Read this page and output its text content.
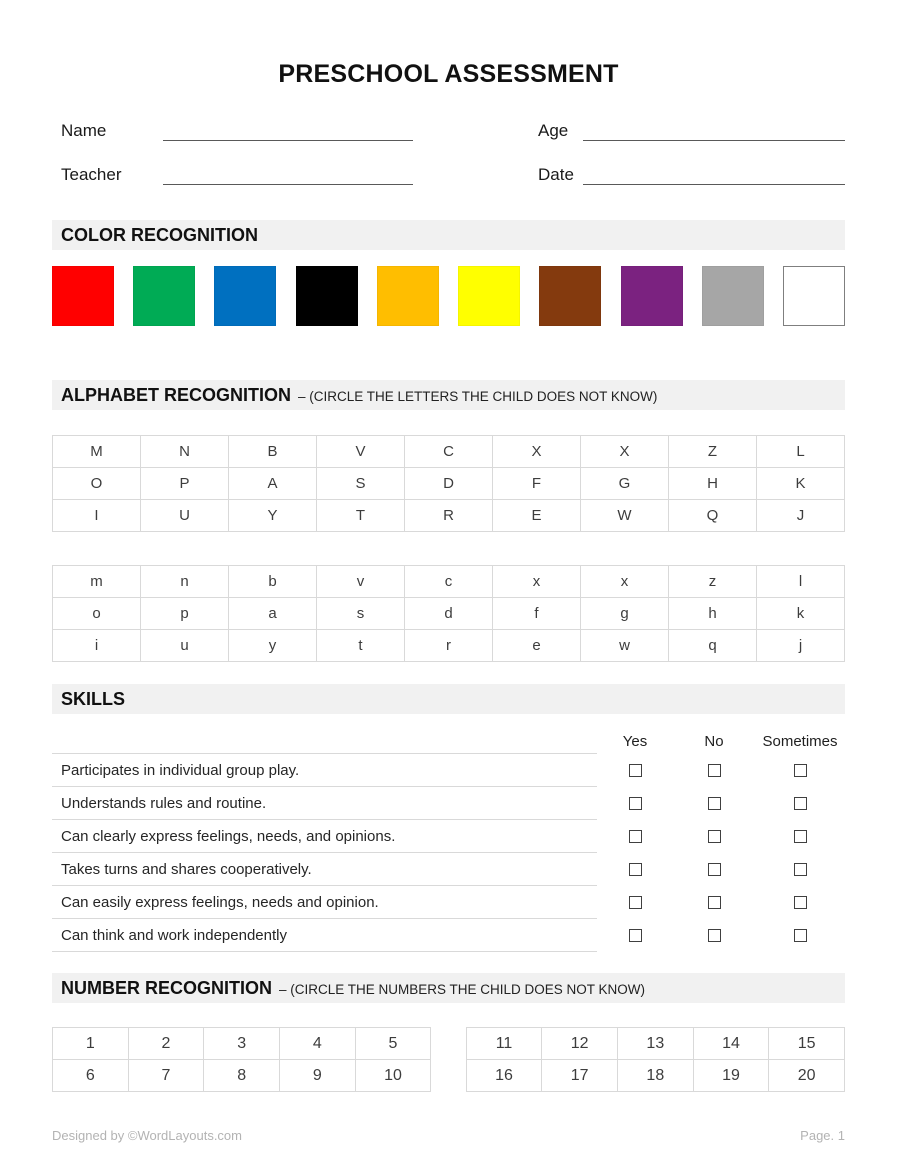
PRESCHOOL ASSESSMENT
Name	Age
Teacher	Date
COLOR RECOGNITION
ALPHABET RECOGNITION – (CIRCLE THE LETTERS THE CHILD DOES NOT KNOW)
M	N	B	V	C	X	X	Z	L
O	P	A	S	D	F	G	H	K
I	U	Y	T	R	E	W	Q	J
m	n	b	v	c	x	x	z	l
o	p	a	s	d	f	g	h	k
i	u	y	t	r	e	w	q	j
SKILLS
Yes	No	Sometimes
Participates in individual group play.
Understands rules and routine.
Can clearly express feelings, needs, and opinions.
Takes turns and shares cooperatively.
Can easily express feelings, needs and opinion.
Can think and work independently
NUMBER RECOGNITION – (CIRCLE THE NUMBERS THE CHILD DOES NOT KNOW)
1	2	3	4	5
6	7	8	9	10
11	12	13	14	15
16	17	18	19	20
Designed by ©WordLayouts.com	Page. 1
